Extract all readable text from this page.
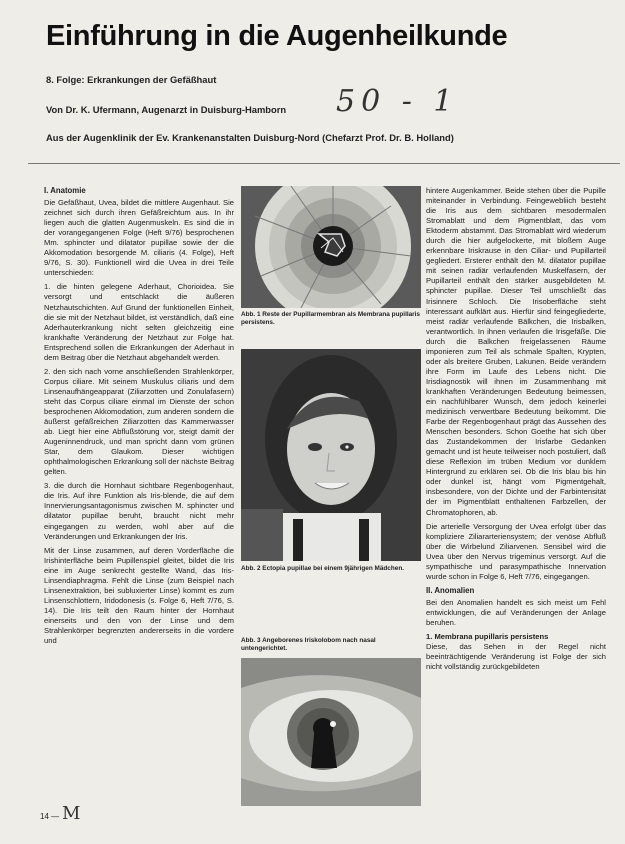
Einführung in die Augenheilkunde
8. Folge: Erkrankungen der Gefäßhaut
Von Dr. K. Ufermann, Augenarzt in Duisburg-Hamborn 50 - 1
Aus der Augenklinik der Ev. Krankenanstalten Duisburg-Nord (Chefarzt Prof. Dr. B. Holland)
I. Anatomie

Die Gefäßhaut, Uvea, bildet die mittlere Augenhaut. Sie zeichnet sich durch ihren Gefäßreichtum aus. In ihr liegen auch die glatten Augenmuskeln. Es sind die in der vorangegangenen Folge (Heft 9/76) besprochenen Mm. sphincter und dilatator pupillae sowie der die Akkomodation besorgende M. ciliaris (4. Folge), Heft 9/76, S. 30). Funktionell wird die Uvea in drei Teile unterschieden:

1. die hinten gelegene Aderhaut, Chorioidea. Sie versorgt und entschlackt die äußeren Netzhautschichten. Auf Grund der funktionellen Einheit, die sie mit der Netzhaut bildet, ist verständlich, daß eine Aderhauterkrankung nicht selten gleichzeitig eine krankhafte Veränderung der Netzhaut zur Folge hat. Entsprechend sollen die Erkrankungen der Aderhaut in dem Beitrag über die Netzhaut abgehandelt werden.

2. den sich nach vorne anschließenden Strahlenkörper, Corpus ciliare. Mit seinem Muskulus ciliaris und dem Linsenaufhängeapparat (Ziliarzotten und Zonulafasern) steht das Corpus ciliare einmal im Dienste der schon besprochenen Akkomodation, zum anderen sondern die äußerst gefäßreichen Ziliarzotten das Kammerwasser ab. Liegt hier eine Abflußstörung vor, steigt damit der Augeninnendruck, und man spricht dann vom grünen Star, dem Glaukom. Dieser wichtigen ophthalmologischen Erkrankung soll der nächste Beitrag gelten.

3. die durch die Hornhaut sichtbare Regenbogenhaut, die Iris. Auf ihre Funktion als Iris-blende, die auf dem Innervierungsantagonismus zwischen M. sphincter und dilatator pupillae beruht, braucht nicht mehr eingegangen zu werden, wohl aber auf die Veränderungen und Erkrankungen der Iris.

Mit der Linse zusammen, auf deren Vorderfläche die Irishinterfläche beim Pupillenspiel gleitet, bildet die Iris eine im Auge senkrecht gestellte Wand, das Iris-Linsendiaphragma. Fehlt die Linse (zum Beispiel nach Linsenextraktion, bei subluxierter Linse) kommt es zum Linsenschlottern, Iridodonesis (s. Folge 6, Heft 7/76, S. 14). Die Iris teilt den Raum hinter der Hornhaut einerseits und den von der Linse und dem Strahlenkörper begrenzten andererseits in die vordere und

Abb. 1 Reste der Pupillarmembran als Membrana pupillaris persistens.
Abb. 2 Ectopia pupillae bei einem 9jährigen Mädchen.
Abb. 3 Angeborenes Iriskolobom nach nasal untengerichtet.

hintere Augenkammer. Beide stehen über die Pupille miteinander in Verbindung. Feingewebliich besteht die Iris aus dem sichtbaren mesodermalen Stromablatt und dem Pigmentblatt, das vom Ektoderm abstammt. Das Stromablatt wird wiederum durch die hier aufgelockerte, mit bloßem Auge erkennbare Iriskrause in den Ciliar- und Pupillarteil gegliedert. Ersterer enthält den M. dilatator pupillae mit seinen radiär verlaufenden Muskelfasern, der Pupillarteil enthält den stärker ausgebildeten M. sphincter pupillae. Dieser Teil umschließt das Irisinnere Schloch. Die Irisoberfläche steht interessant aufklärt aus. Hierfür sind feingegliederte, meist radiär verlaufende Bälkchen, die Irisbalken, verantwortlich. In ihnen verlaufen die Irisgefäße. Die durch die Balkchen freigelassenen Räume imponieren zum Teil als schmale Spalten, Krypten, oder als breitere Gruben, Lakunen. Beide verändern ihre Form im Laufe des Lebens nicht. Die Irisdiagnostik will ihnen im Zusammenhang mit krankhaften Veränderungen Bedeutung beimessen, ein nachfühlbarer Wunsch, dem jedoch keinerlei medizinisch verwertbare Bedeutung beikommt. Die Farbe der Regenbogenhaut prägt das Aussehen des Menschen besonders. Schon Goethe hat sich über das Zustandekommen der Irisfarbe Gedanken gemacht und ist heute teilweiser noch postuliert, daß diese Reflexion im trüben Medium vor dunklem Hintergrund zu erklären sei. Ob die Iris blau bis hin oder dunkel ist, hängt vom Pigmentgehalt, insbesondere, von der Dichte und der Farbintensität der im Pigmentblatt enthaltenen Farbzellen, der Chromatophoren, ab.

Die arterielle Versorgung der Uvea erfolgt über das kompliziere Ziliararteriensystem; der venöse Abfluß über die Wirbelund Ziliarvenen. Sensibel wird die Uvea über den Nervus trigeminus versorgt. Auf die sympathische und parasympathische Innervation wurde schon in Folge 6, Heft 7/76, eingegangen.

II. Anomalien

Bei den Anomalien handelt es sich meist um Fehl entwicklungen, die auf Veränderungen der Anlage beruhen.

1. Membrana pupillaris persistens

Diese, das Sehen in der Regel nicht beeinträchtigende Veränderung ist Folge der sich nicht vollständig zurückgebildeten

14 — M
